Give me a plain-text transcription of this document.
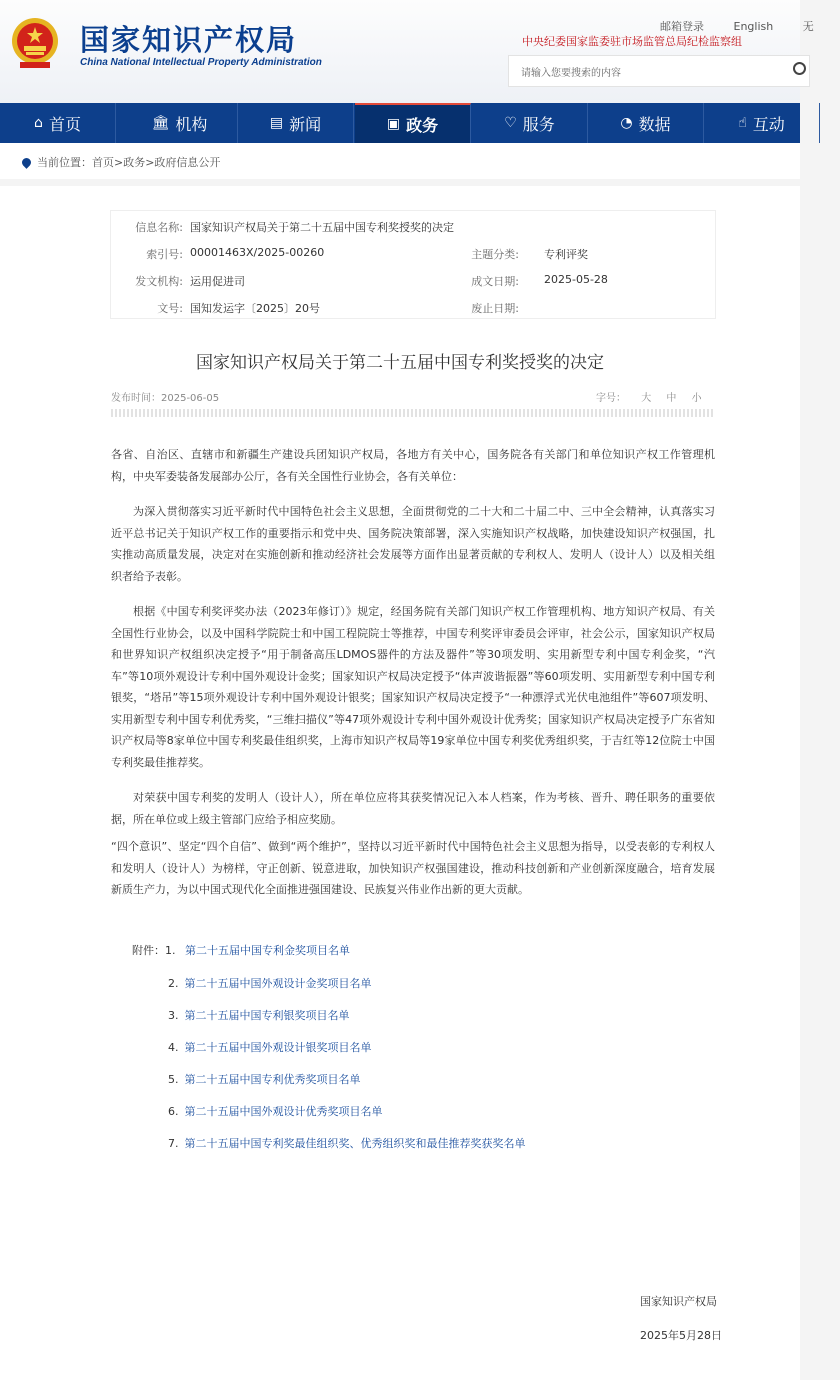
国家知识产权局
China National Intellectual Property Administration
邮箱登录	English	无
中央纪委国家监委驻市场监管总局纪检监察组
请输入您要搜索的内容
⌂ 首页	🏛 机构	▤ 新闻	▣ 政务	♡ 服务	◔ 数据	☝ 互动
当前位置：首页>政务>政府信息公开
信息名称: 国家知识产权局关于第二十五届中国专利奖授奖的决定
索引号: 00001463X/2025-00260	主题分类: 专利评奖
发文机构: 运用促进司	成文日期: 2025-05-28
文号: 国知发运字〔2025〕20号	废止日期:
国家知识产权局关于第二十五届中国专利奖授奖的决定
发布时间：2025-06-05	字号： 大 中 小

各省、自治区、直辖市和新疆生产建设兵团知识产权局，各地方有关中心，国务院各有关部门和单位知识产权工作管理机构，中央军委装备发展部办公厅，各有关全国性行业协会，各有关单位：

为深入贯彻落实习近平新时代中国特色社会主义思想，全面贯彻党的二十大和二十届二中、三中全会精神，认真落实习近平总书记关于知识产权工作的重要指示和党中央、国务院决策部署，深入实施知识产权战略，加快建设知识产权强国，扎实推动高质量发展，决定对在实施创新和推动经济社会发展等方面作出显著贡献的专利权人、发明人（设计人）以及相关组织者给予表彰。

根据《中国专利奖评奖办法（2023年修订）》规定，经国务院有关部门知识产权工作管理机构、地方知识产权局、有关全国性行业协会，以及中国科学院院士和中国工程院院士等推荐，中国专利奖评审委员会评审，社会公示，国家知识产权局和世界知识产权组织决定授予“用于制备高压LDMOS器件的方法及器件”等30项发明、实用新型专利中国专利金奖，“汽车”等10项外观设计专利中国外观设计金奖；国家知识产权局决定授予“体声波谐振器”等60项发明、实用新型专利中国专利银奖，“塔吊”等15项外观设计专利中国外观设计银奖；国家知识产权局决定授予“一种漂浮式光伏电池组件”等607项发明、实用新型专利中国专利优秀奖，“三维扫描仪”等47项外观设计专利中国外观设计优秀奖；国家知识产权局决定授予广东省知识产权局等8家单位中国专利奖最佳组织奖，上海市知识产权局等19家单位中国专利奖优秀组织奖，于吉红等12位院士中国专利奖最佳推荐奖。

对荣获中国专利奖的发明人（设计人），所在单位应将其获奖情况记入本人档案，作为考核、晋升、聘任职务的重要依据，所在单位或上级主管部门应给予相应奖励。

“四个意识”、坚定“四个自信”、做到“两个维护”，坚持以习近平新时代中国特色社会主义思想为指导，以受表彰的专利权人和发明人（设计人）为榜样，守正创新、锐意进取，加快知识产权强国建设，推动科技创新和产业创新深度融合，培育发展新质生产力，为以中国式现代化全面推进强国建设、民族复兴伟业作出新的更大贡献。

附件：1. 第二十五届中国专利金奖项目名单
2. 第二十五届中国外观设计金奖项目名单
3. 第二十五届中国专利银奖项目名单
4. 第二十五届中国外观设计银奖项目名单
5. 第二十五届中国专利优秀奖项目名单
6. 第二十五届中国外观设计优秀奖项目名单
7. 第二十五届中国专利奖最佳组织奖、优秀组织奖和最佳推荐奖获奖名单
国家知识产权局
2025年5月28日
